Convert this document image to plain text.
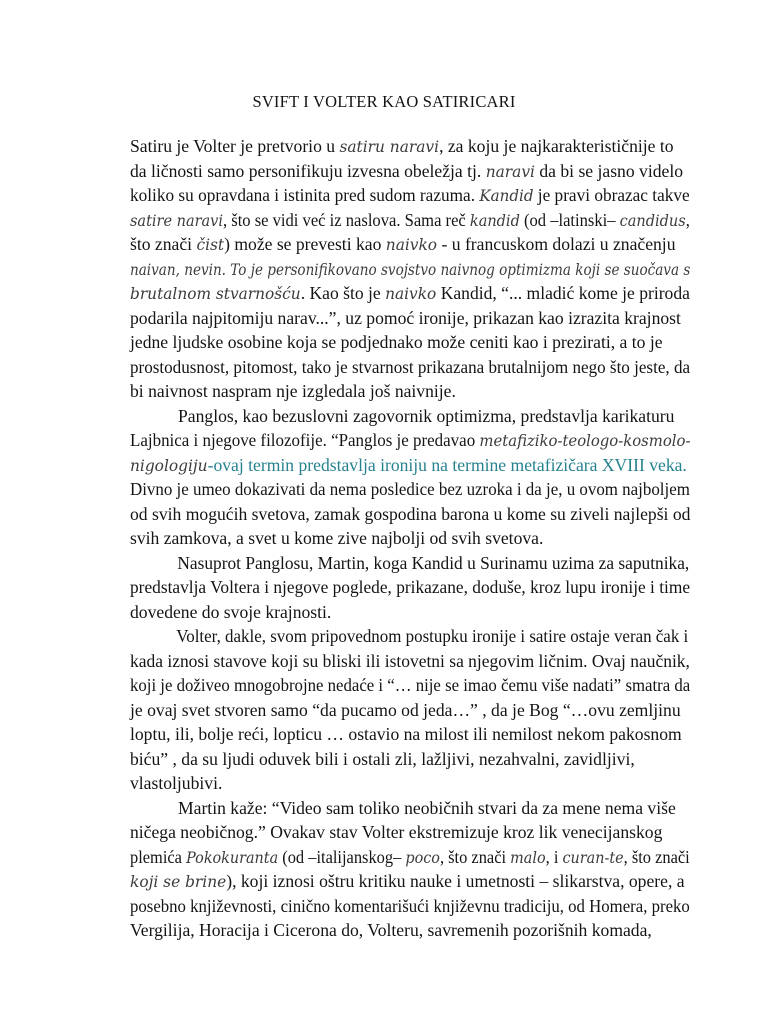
SVIFT I VOLTER KAO SATIRICARI
Satiru je Volter je pretvorio u satiru naravi, za koju je najkarakterističnije to
da ličnosti samo personifikuju izvesna obeležja tj. naravi da bi se jasno videlo
koliko su opravdana i istinita pred sudom razuma. Kandid je pravi obrazac takve
satire naravi, što se vidi već iz naslova. Sama reč kandid (od –latinski– candidus,
što znači čist) može se prevesti kao naivko - u francuskom dolazi u značenju
naivan, nevin. To je personifikovano svojstvo naivnog optimizma koji se suočava s
brutalnom stvarnošću. Kao što je naivko Kandid, “... mladić kome je priroda
podarila najpitomiju narav...”, uz pomoć ironije, prikazan kao izrazita krajnost
jedne ljudske osobine koja se podjednako može ceniti kao i prezirati, a to je
prostodusnost, pitomost, tako je stvarnost prikazana brutalnijom nego što jeste, da
bi naivnost naspram nje izgledala još naivnije.
Panglos, kao bezuslovni zagovornik optimizma, predstavlja karikaturu
Lajbnica i njegove filozofije. “Panglos je predavao metafiziko-teologo-kosmolo-
nigologiju-ovaj termin predstavlja ironiju na termine metafizičara XVIII veka.
Divno je umeo dokazivati da nema posledice bez uzroka i da je, u ovom najboljem
od svih mogućih svetova, zamak gospodina barona u kome su ziveli najlepši od
svih zamkova, a svet u kome zive najbolji od svih svetova.
Nasuprot Panglosu, Martin, koga Kandid u Surinamu uzima za saputnika,
predstavlja Voltera i njegove poglede, prikazane, doduše, kroz lupu ironije i time
dovedene do svoje krajnosti.
Volter, dakle, svom pripovednom postupku ironije i satire ostaje veran čak i
kada iznosi stavove koji su bliski ili istovetni sa njegovim ličnim. Ovaj naučnik,
koji je doživeo mnogobrojne nedaće i “… nije se imao čemu više nadati” smatra da
je ovaj svet stvoren samo “da pucamo od jeda…” , da je Bog “…ovu zemljinu
loptu, ili, bolje reći, lopticu … ostavio na milost ili nemilost nekom pakosnom
biću” , da su ljudi oduvek bili i ostali zli, lažljivi, nezahvalni, zavidljivi,
vlastoljubivi.
Martin kaže: “Video sam toliko neobičnih stvari da za mene nema više
ničega neobičnog.” Ovakav stav Volter ekstremizuje kroz lik venecijanskog
plemića Pokokuranta (od –italijanskog– poco, što znači malo, i curan-te, što znači
koji se brine), koji iznosi oštru kritiku nauke i umetnosti – slikarstva, opere, a
posebno književnosti, cinično komentarišući književnu tradiciju, od Homera, preko
Vergilija, Horacija i Cicerona do, Volteru, savremenih pozorišnih komada,
